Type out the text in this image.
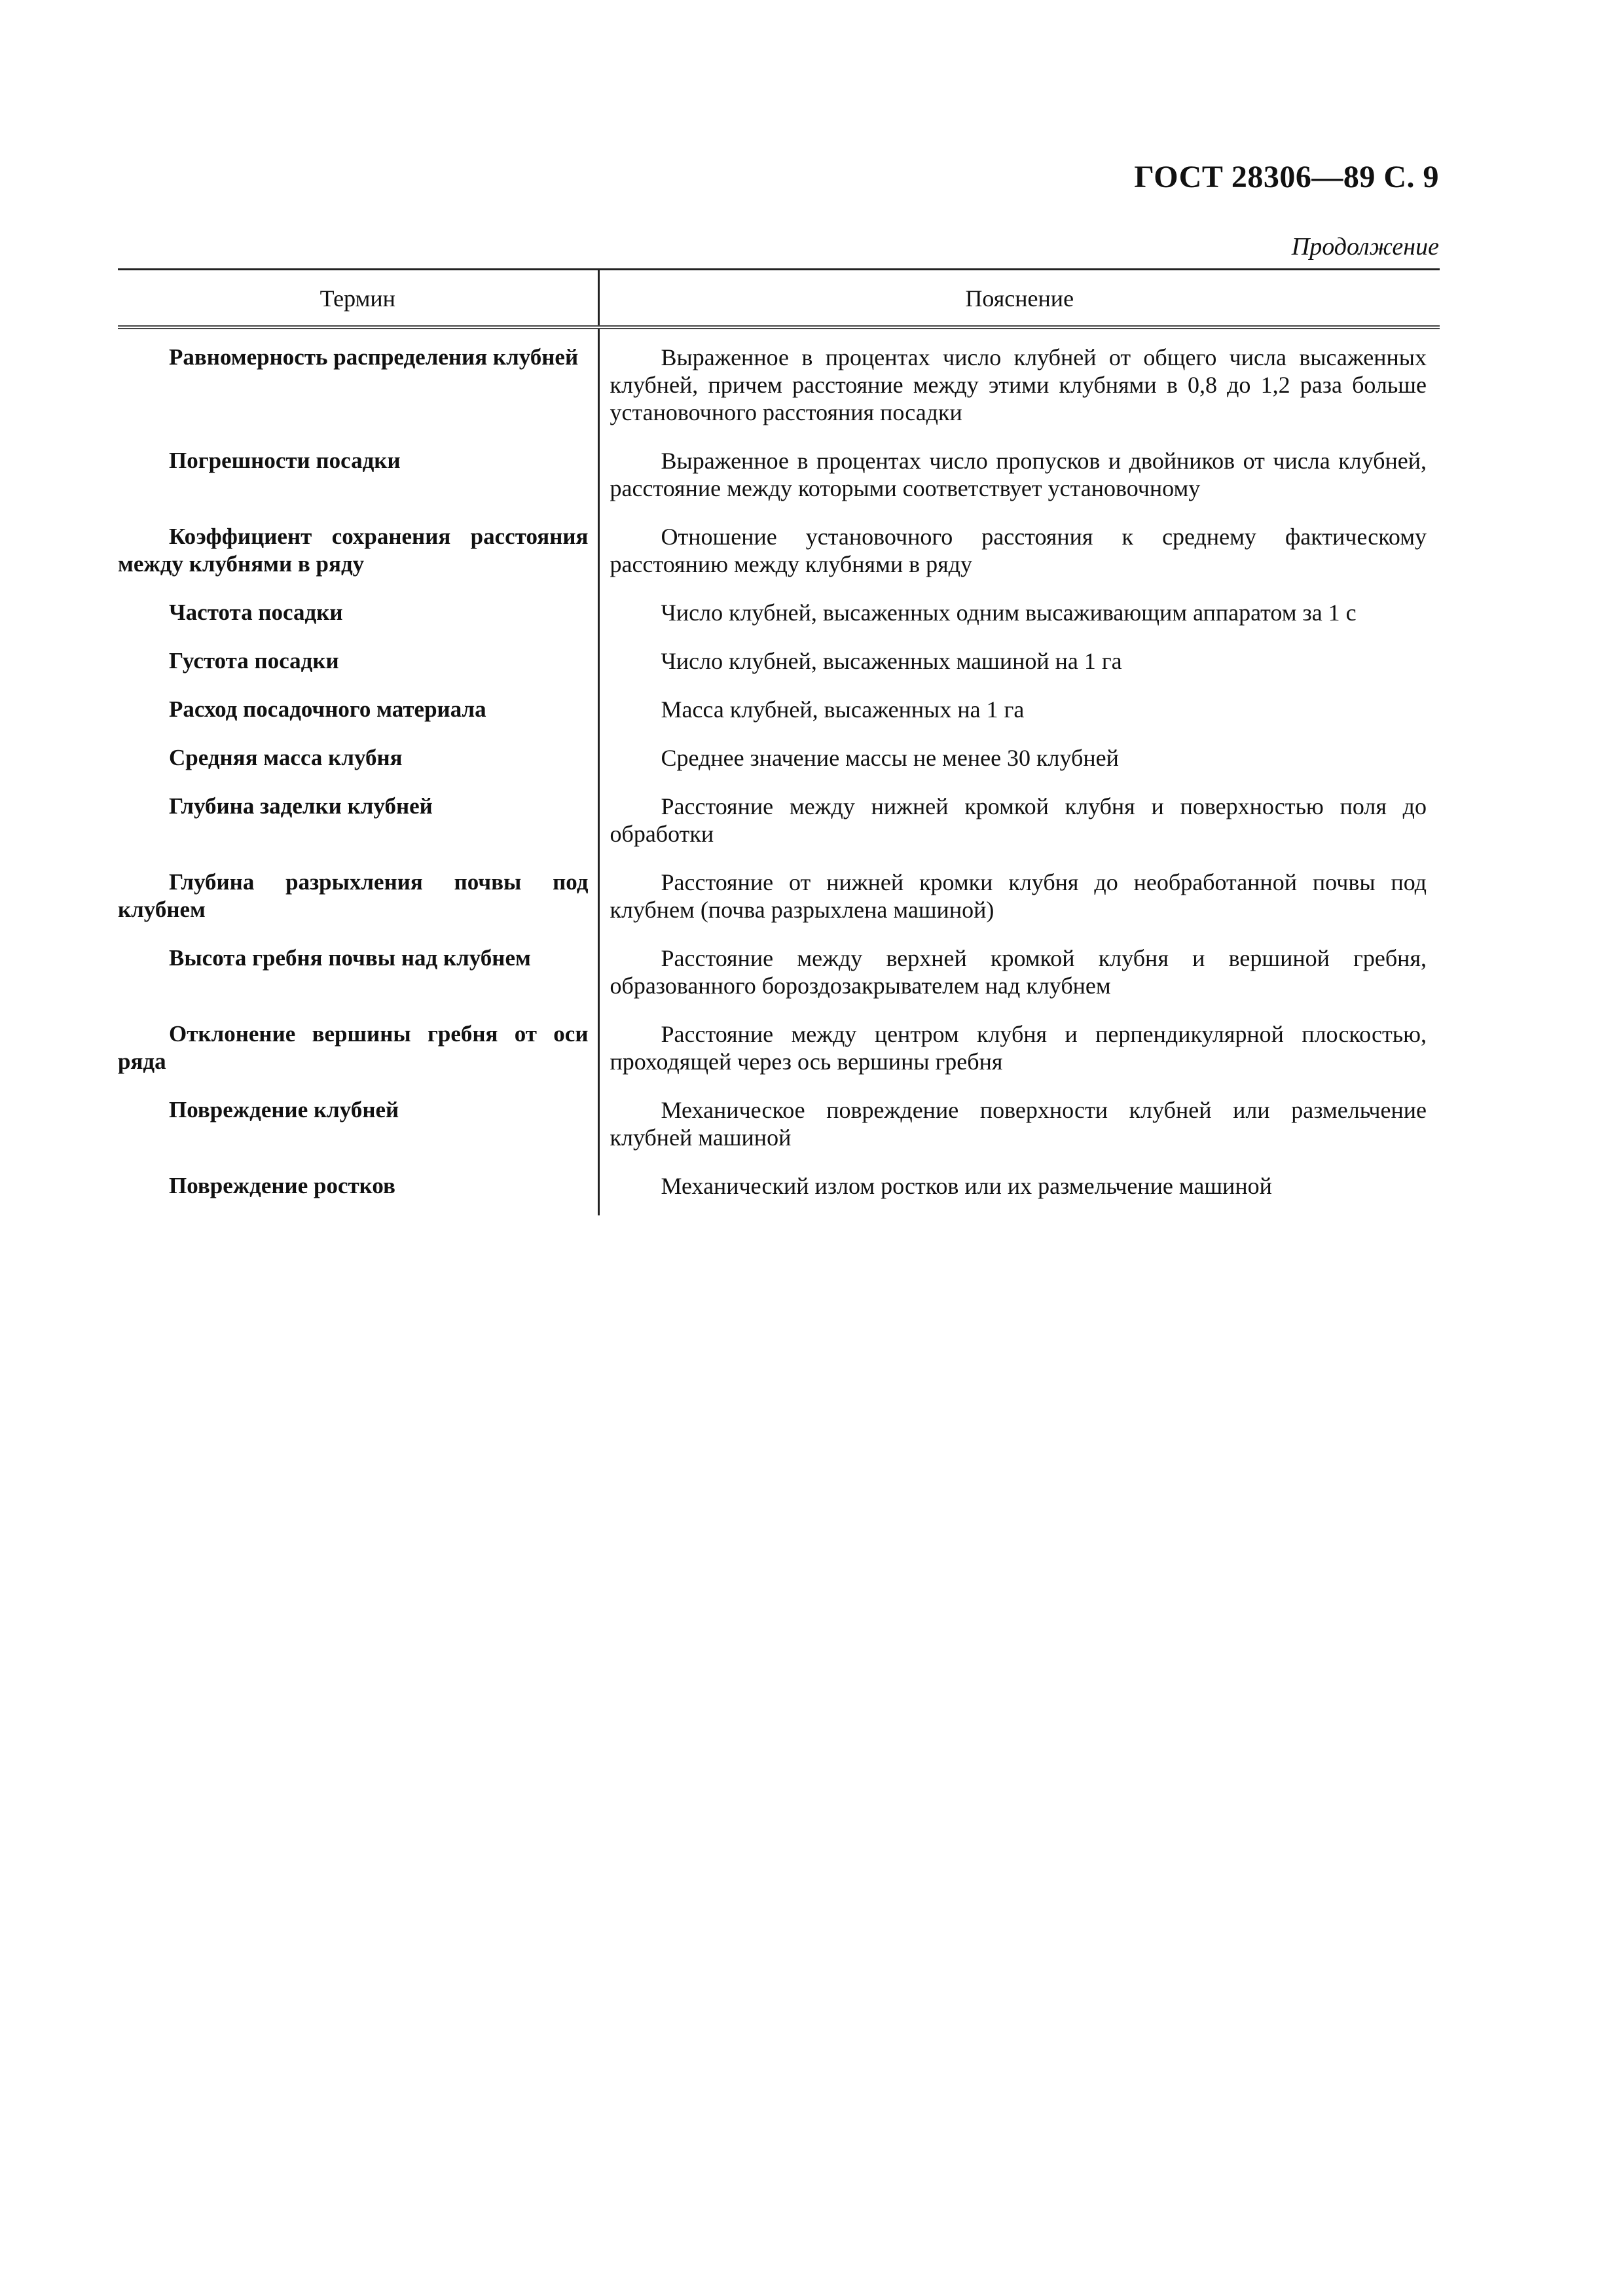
ГОСТ 28306—89 С. 9
Продолжение
Термин	Пояснение
Равномерность распределения клубней	Выраженное в процентах число клубней от общего числа высаженных клубней, причем расстояние между этими клубнями в 0,8 до 1,2 раза больше установочного расстояния посадки
Погрешности посадки	Выраженное в процентах число пропусков и двойников от числа клубней, расстояние между которыми соответствует установочному
Коэффициент сохранения расстояния между клубнями в ряду	Отношение установочного расстояния к среднему фактическому расстоянию между клубнями в ряду
Частота посадки	Число клубней, высаженных одним высаживающим аппаратом за 1 с
Густота посадки	Число клубней, высаженных машиной на 1 га
Расход посадочного материала	Масса клубней, высаженных на 1 га
Средняя масса клубня	Среднее значение массы не менее 30 клубней
Глубина заделки клубней	Расстояние между нижней кромкой клубня и поверхностью поля до обработки
Глубина разрыхления почвы под клубнем	Расстояние от нижней кромки клубня до необработанной почвы под клубнем (почва разрыхлена машиной)
Высота гребня почвы над клубнем	Расстояние между верхней кромкой клубня и вершиной гребня, образованного бороздозакрывателем над клубнем
Отклонение вершины гребня от оси ряда	Расстояние между центром клубня и перпендикулярной плоскостью, проходящей через ось вершины гребня
Повреждение клубней	Механическое повреждение поверхности клубней или размельчение клубней машиной
Повреждение ростков	Механический излом ростков или их размельчение машиной
